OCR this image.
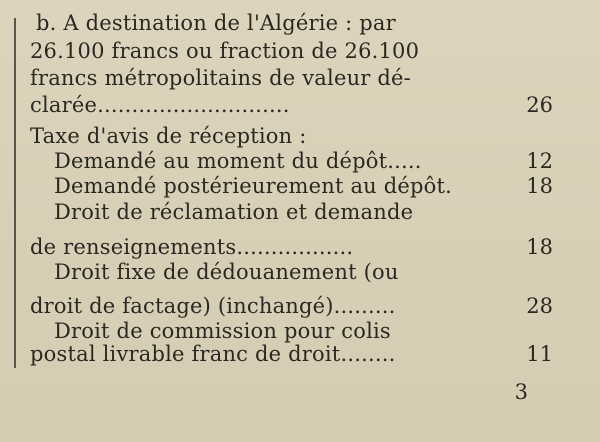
b. A destination de l'Algérie : par
26.100 francs ou fraction de 26.100
francs métropolitains de valeur dé-
clarée............................	26
Taxe d'avis de réception :
Demandé au moment du dépôt.....	12
Demandé postérieurement au dépôt.	18
Droit de réclamation et demande
de renseignements.................	18
Droit fixe de dédouanement (ou
droit de factage) (inchangé).........	28
Droit de commission pour colis
postal livrable franc de droit........	11
3
